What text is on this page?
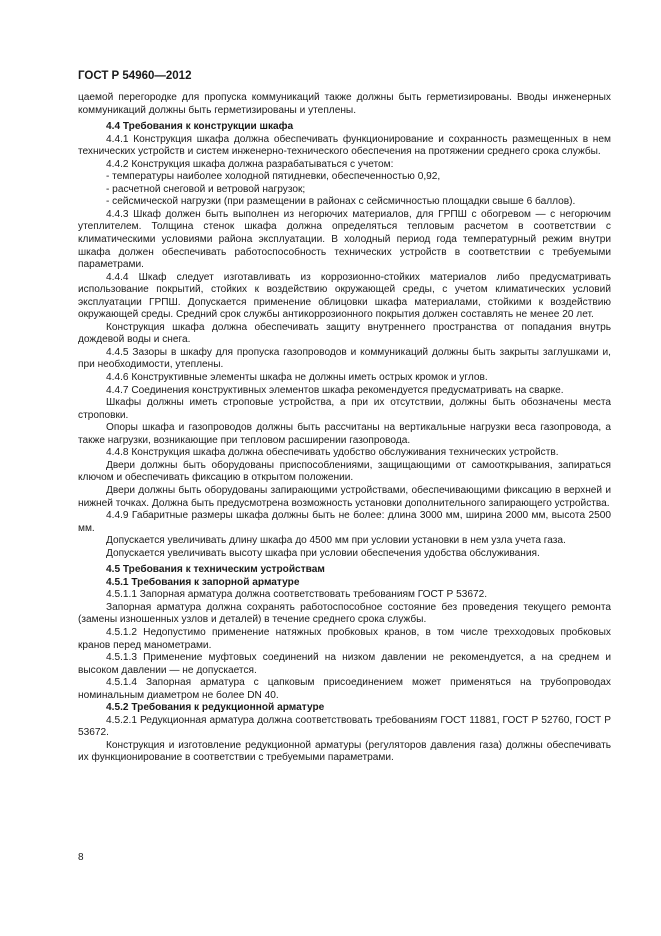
ГОСТ Р 54960—2012

цаемой перегородке для пропуска коммуникаций также должны быть герметизированы. Вводы инженерных коммуникаций должны быть герметизированы и утеплены.

4.4 Требования к конструкции шкафа

4.4.1 Конструкция шкафа должна обеспечивать функционирование и сохранность размещенных в нем технических устройств и систем инженерно-технического обеспечения на протяжении среднего срока службы.

4.4.2 Конструкция шкафа должна разрабатываться с учетом:

- температуры наиболее холодной пятидневки, обеспеченностью 0,92,

- расчетной снеговой и ветровой нагрузок;

- сейсмической нагрузки (при размещении в районах с сейсмичностью площадки свыше 6 баллов).

4.4.3 Шкаф должен быть выполнен из негорючих материалов, для ГРПШ с обогревом — с негорючим утеплителем. Толщина стенок шкафа должна определяться тепловым расчетом в соответствии с климатическими условиями района эксплуатации. В холодный период года температурный режим внутри шкафа должен обеспечивать работоспособность технических устройств в соответствии с требуемыми параметрами.

4.4.4 Шкаф следует изготавливать из коррозионно-стойких материалов либо предусматривать использование покрытий, стойких к воздействию окружающей среды, с учетом климатических условий эксплуатации ГРПШ. Допускается применение облицовки шкафа материалами, стойкими к воздействию окружающей среды. Средний срок службы антикоррозионного покрытия должен составлять не менее 20 лет.

Конструкция шкафа должна обеспечивать защиту внутреннего пространства от попадания внутрь дождевой воды и снега.

4.4.5 Зазоры в шкафу для пропуска газопроводов и коммуникаций должны быть закрыты заглушками и, при необходимости, утеплены.

4.4.6 Конструктивные элементы шкафа не должны иметь острых кромок и углов.

4.4.7 Соединения конструктивных элементов шкафа рекомендуется предусматривать на сварке.

Шкафы должны иметь строповые устройства, а при их отсутствии, должны быть обозначены места строповки.

Опоры шкафа и газопроводов должны быть рассчитаны на вертикальные нагрузки веса газопровода, а также нагрузки, возникающие при тепловом расширении газопровода.

4.4.8 Конструкция шкафа должна обеспечивать удобство обслуживания технических устройств.

Двери должны быть оборудованы приспособлениями, защищающими от самооткрывания, запираться ключом и обеспечивать фиксацию в открытом положении.

Двери должны быть оборудованы запирающими устройствами, обеспечивающими фиксацию в верхней и нижней точках. Должна быть предусмотрена возможность установки дополнительного запирающего устройства.

4.4.9 Габаритные размеры шкафа должны быть не более: длина 3000 мм, ширина 2000 мм, высота 2500 мм.

Допускается увеличивать длину шкафа до 4500 мм при условии установки в нем узла учета газа.

Допускается увеличивать высоту шкафа при условии обеспечения удобства обслуживания.

4.5 Требования к техническим устройствам

4.5.1 Требования к запорной арматуре

4.5.1.1 Запорная арматура должна соответствовать требованиям ГОСТ Р 53672.

Запорная арматура должна сохранять работоспособное состояние без проведения текущего ремонта (замены изношенных узлов и деталей) в течение среднего срока службы.

4.5.1.2 Недопустимо применение натяжных пробковых кранов, в том числе трехходовых пробковых кранов перед манометрами.

4.5.1.3 Применение муфтовых соединений на низком давлении не рекомендуется, а на среднем и высоком давлении — не допускается.

4.5.1.4 Запорная арматура с цапковым присоединением может применяться на трубопроводах номинальным диаметром не более DN 40.

4.5.2 Требования к редукционной арматуре

4.5.2.1 Редукционная арматура должна соответствовать требованиям ГОСТ 11881, ГОСТ Р 52760, ГОСТ Р 53672.

Конструкция и изготовление редукционной арматуры (регуляторов давления газа) должны обеспечивать их функционирование в соответствии с требуемыми параметрами.

8
